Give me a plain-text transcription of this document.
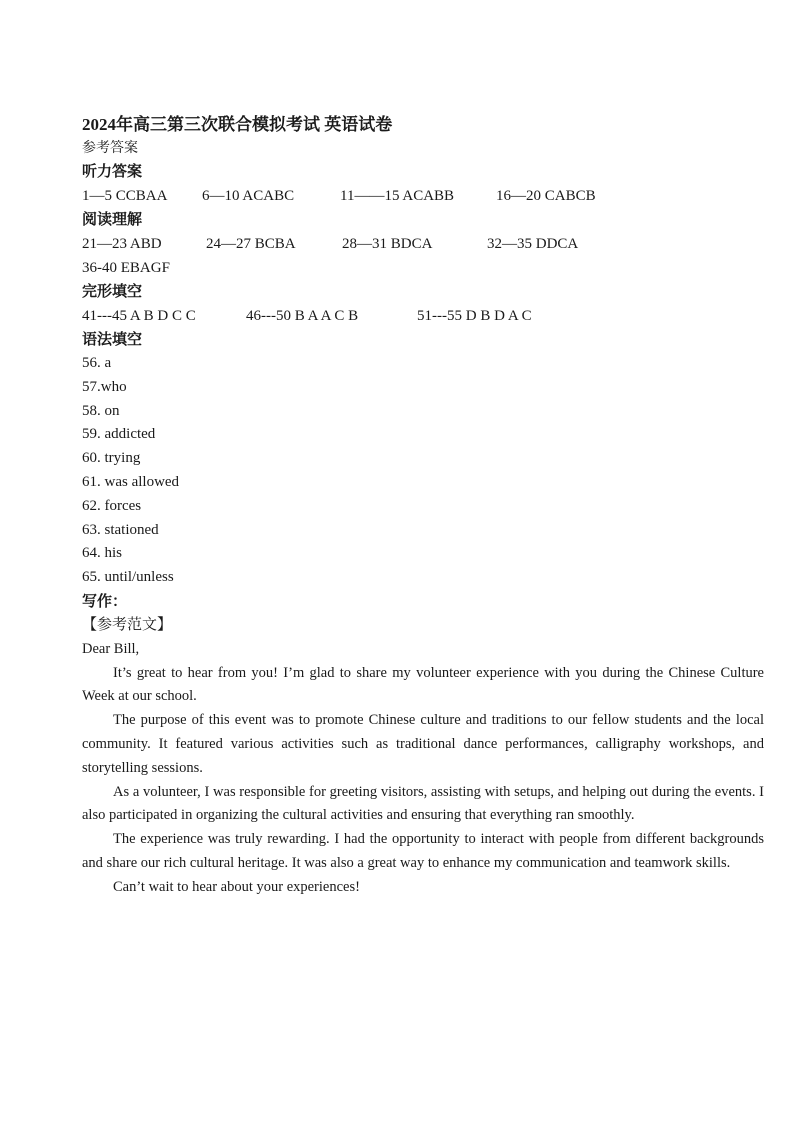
2024年高三第三次联合模拟考试 英语试卷

参考答案

听力答案

1—5 CCBAA	6—10 ACABC	11——15 ACABB	16—20 CABCB

阅读理解

21—23 ABD	24—27 BCBA	28—31 BDCA	32—35 DDCA
36-40 EBAGF

完形填空

41---45 A B D C C	46---50 B A A C B	51---55 D B D A C

语法填空

56. a

57.who

58. on

59. addicted

60. trying

61. was allowed

62. forces

63. stationed

64. his

65. until/unless

写作：

【参考范文】

Dear Bill,

It’s great to hear from you! I’m glad to share my volunteer experience with you during the Chinese Culture Week at our school.

The purpose of this event was to promote Chinese culture and traditions to our fellow students and the local community. It featured various activities such as traditional dance performances, calligraphy workshops, and storytelling sessions.

As a volunteer, I was responsible for greeting visitors, assisting with setups, and helping out during the events. I also participated in organizing the cultural activities and ensuring that everything ran smoothly.

The experience was truly rewarding. I had the opportunity to interact with people from different backgrounds and share our rich cultural heritage. It was also a great way to enhance my communication and teamwork skills.

Can’t wait to hear about your experiences!
